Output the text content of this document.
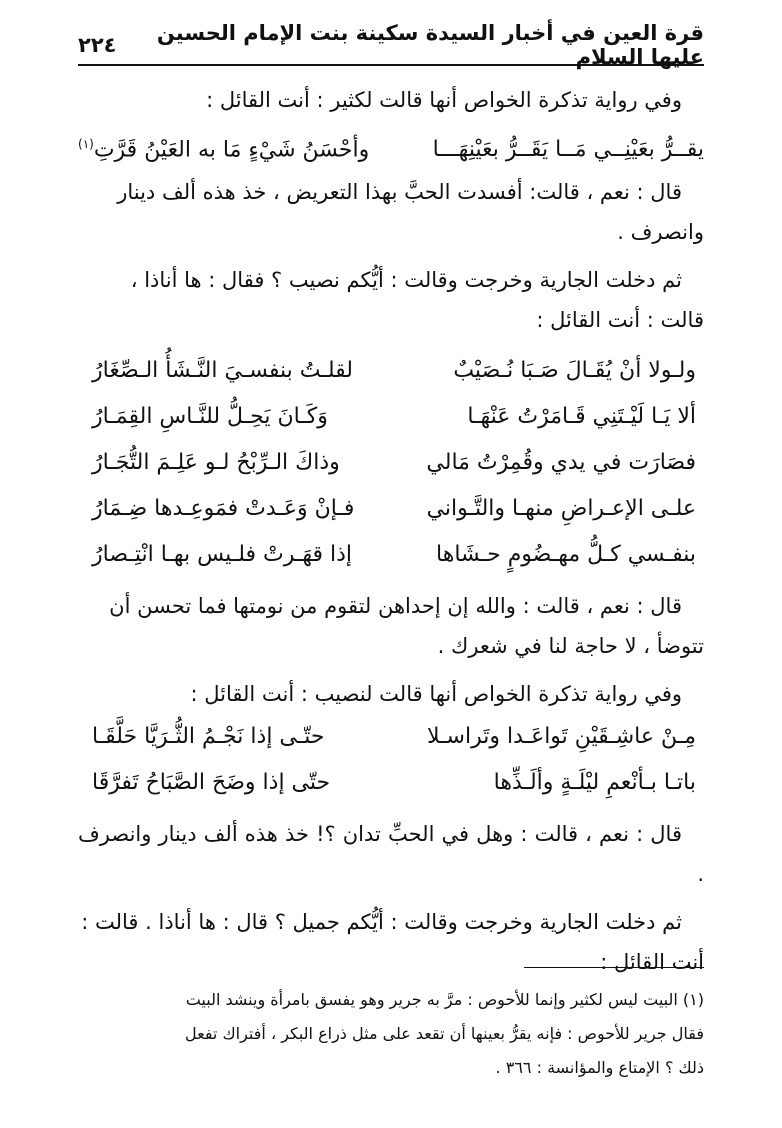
قرة العين في أخبار السيدة سكينة بنت الإمام الحسين عليها السلام
٢٢٤

وفي رواية تذكرة الخواص أنها قالت لكثير : أنت القائل :

يقــرُّ بعَيْنِــي مَــا يَقَــرُّ بعَيْنِهَـــا
وأحْسَنُ شَيْءٍ مَا به العَيْنُ قَرَّتِ$^{(١)}$

قال : نعم ، قالت: أفسدت الحبَّ بهذا التعريض ، خذ هذه ألف دينار
وانصرف .

ثم دخلت الجارية وخرجت وقالت : أيُّكم نصيب ؟ فقال : ها أناذا ،
قالت : أنت القائل :

ولـولا أنْ يُقَـالَ صَـبَا نُـصَيْبٌ
لقلـتُ بنفسـيَ النَّـشَأُ الـصِّغَارُ
ألا يَـا لَيْـتَنِي قَـامَرْتُ عَنْهَـا
وَكَـانَ يَحِـلُّ للنَّـاسِ القِمَـارُ
فصَارَت في يدي وقُمِرْتُ مَالي
وذاكَ الـرِّبْحُ لـو عَلِـمَ التُّجَـارُ
علـى الإعـراضِ منهـا والتَّـواني
فـإنْ وَعَـدتْ فمَوعِـدها ضِـمَارُ
بنفـسي كـلُّ مهـضُومٍ حـشَاها
إذا قهَـرتْ فلـيس بهـا انْتِـصارُ

قال : نعم ، قالت : والله إن إحداهن لتقوم من نومتها فما تحسن أن
تتوضأ ، لا حاجة لنا في شعرك .

وفي رواية تذكرة الخواص أنها قالت لنصيب : أنت القائل :

مِـنْ عاشِـقَيْنِ تَواعَـدا وتَراسـلا
حتّـى إذا نَجْـمُ الثُّـرَيَّا حَلَّقَـا
باتـا بـأنْعمِ ليْلَـةٍ وألَـذِّها
حتّى إذا وضَحَ الصَّبَاحُ تَفرَّقَا

قال : نعم ، قالت : وهل في الحبِّ تدان ؟! خذ هذه ألف دينار وانصرف .

ثم دخلت الجارية وخرجت وقالت : أيُّكم جميل ؟ قال : ها أناذا . قالت :
أنت القائل :

(١) البيت ليس لكثير وإنما للأحوص : مرَّ به جرير وهو يفسق بامرأة وينشد البيت

فقال جرير للأحوص : فإنه يقرُّ بعينها أن تقعد على مثل ذراع البكر ، أفتراك تفعل

ذلك ؟ الإمتاع والمؤانسة : ٣٦٦ .
